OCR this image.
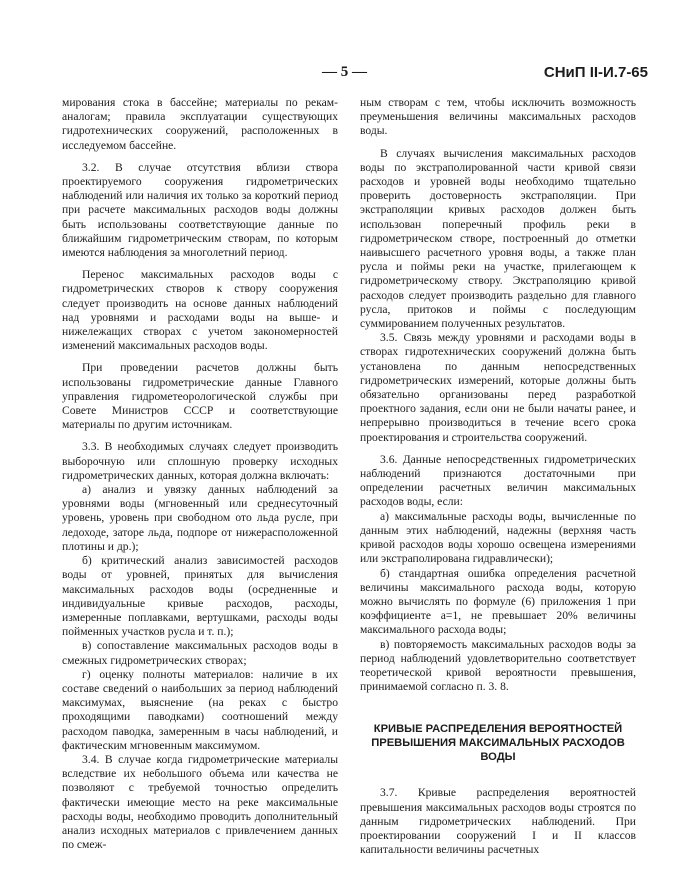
— 5 —	СНиП II-И.7-65

мирования стока в бассейне; материалы по рекам-аналогам; правила эксплуатации существующих гидротехнических сооружений, расположенных в исследуемом бассейне.

3.2. В случае отсутствия вблизи створа проектируемого сооружения гидрометрических наблюдений или наличия их только за короткий период при расчете максимальных расходов воды должны быть использованы соответствующие данные по ближайшим гидрометрическим створам, по которым имеются наблюдения за многолетний период.

Перенос максимальных расходов воды с гидрометрических створов к створу сооружения следует производить на основе данных наблюдений над уровнями и расходами воды на выше- и нижележащих створах с учетом закономерностей изменений максимальных расходов воды.

При проведении расчетов должны быть использованы гидрометрические данные Главного управления гидрометеорологической службы при Совете Министров СССР и соответствующие материалы по другим источникам.

3.3. В необходимых случаях следует производить выборочную или сплошную проверку исходных гидрометрических данных, которая должна включать:

а) анализ и увязку данных наблюдений за уровнями воды (мгновенный или среднесуточный уровень, уровень при свободном ото льда русле, при ледоходе, заторе льда, подпоре от нижерасположенной плотины и др.);

б) критический анализ зависимостей расходов воды от уровней, принятых для вычисления максимальных расходов воды (осредненные и индивидуальные кривые расходов, расходы, измеренные поплавками, вертушками, расходы воды пойменных участков русла и т. п.);

в) сопоставление максимальных расходов воды в смежных гидрометрических створах;

г) оценку полноты материалов: наличие в их составе сведений о наибольших за период наблюдений максимумах, выяснение (на реках с быстро проходящими паводками) соотношений между расходом паводка, замеренным в часы наблюдений, и фактическим мгновенным максимумом.

3.4. В случае когда гидрометрические материалы вследствие их небольшого объема или качества не позволяют с требуемой точностью определить фактически имеющие место на реке максимальные расходы воды, необходимо проводить дополнительный анализ исходных материалов с привлечением данных по смеж-

ным створам с тем, чтобы исключить возможность преуменьшения величины максимальных расходов воды.

В случаях вычисления максимальных расходов воды по экстраполированной части кривой связи расходов и уровней воды необходимо тщательно проверить достоверность экстраполяции. При экстраполяции кривых расходов должен быть использован поперечный профиль реки в гидрометрическом створе, построенный до отметки наивысшего расчетного уровня воды, а также план русла и поймы реки на участке, прилегающем к гидрометрическому створу. Экстраполяцию кривой расходов следует производить раздельно для главного русла, притоков и поймы с последующим суммированием полученных результатов.

3.5. Связь между уровнями и расходами воды в створах гидротехнических сооружений должна быть установлена по данным непосредственных гидрометрических измерений, которые должны быть обязательно организованы перед разработкой проектного задания, если они не были начаты ранее, и непрерывно производиться в течение всего срока проектирования и строительства сооружений.

3.6. Данные непосредственных гидрометрических наблюдений признаются достаточными при определении расчетных величин максимальных расходов воды, если:

а) максимальные расходы воды, вычисленные по данным этих наблюдений, надежны (верхняя часть кривой расходов воды хорошо освещена измерениями или экстраполирована гидравлически);

б) стандартная ошибка определения расчетной величины максимального расхода воды, которую можно вычислять по формуле (6) приложения 1 при коэффициенте a=1, не превышает 20% величины максимального расхода воды;

в) повторяемость максимальных расходов воды за период наблюдений удовлетворительно соответствует теоретической кривой вероятности превышения, принимаемой согласно п. 3. 8.

КРИВЫЕ РАСПРЕДЕЛЕНИЯ ВЕРОЯТНОСТЕЙ ПРЕВЫШЕНИЯ МАКСИМАЛЬНЫХ РАСХОДОВ ВОДЫ

3.7. Кривые распределения вероятностей превышения максимальных расходов воды строятся по данным гидрометрических наблюдений. При проектировании сооружений I и II классов капитальности величины расчетных
